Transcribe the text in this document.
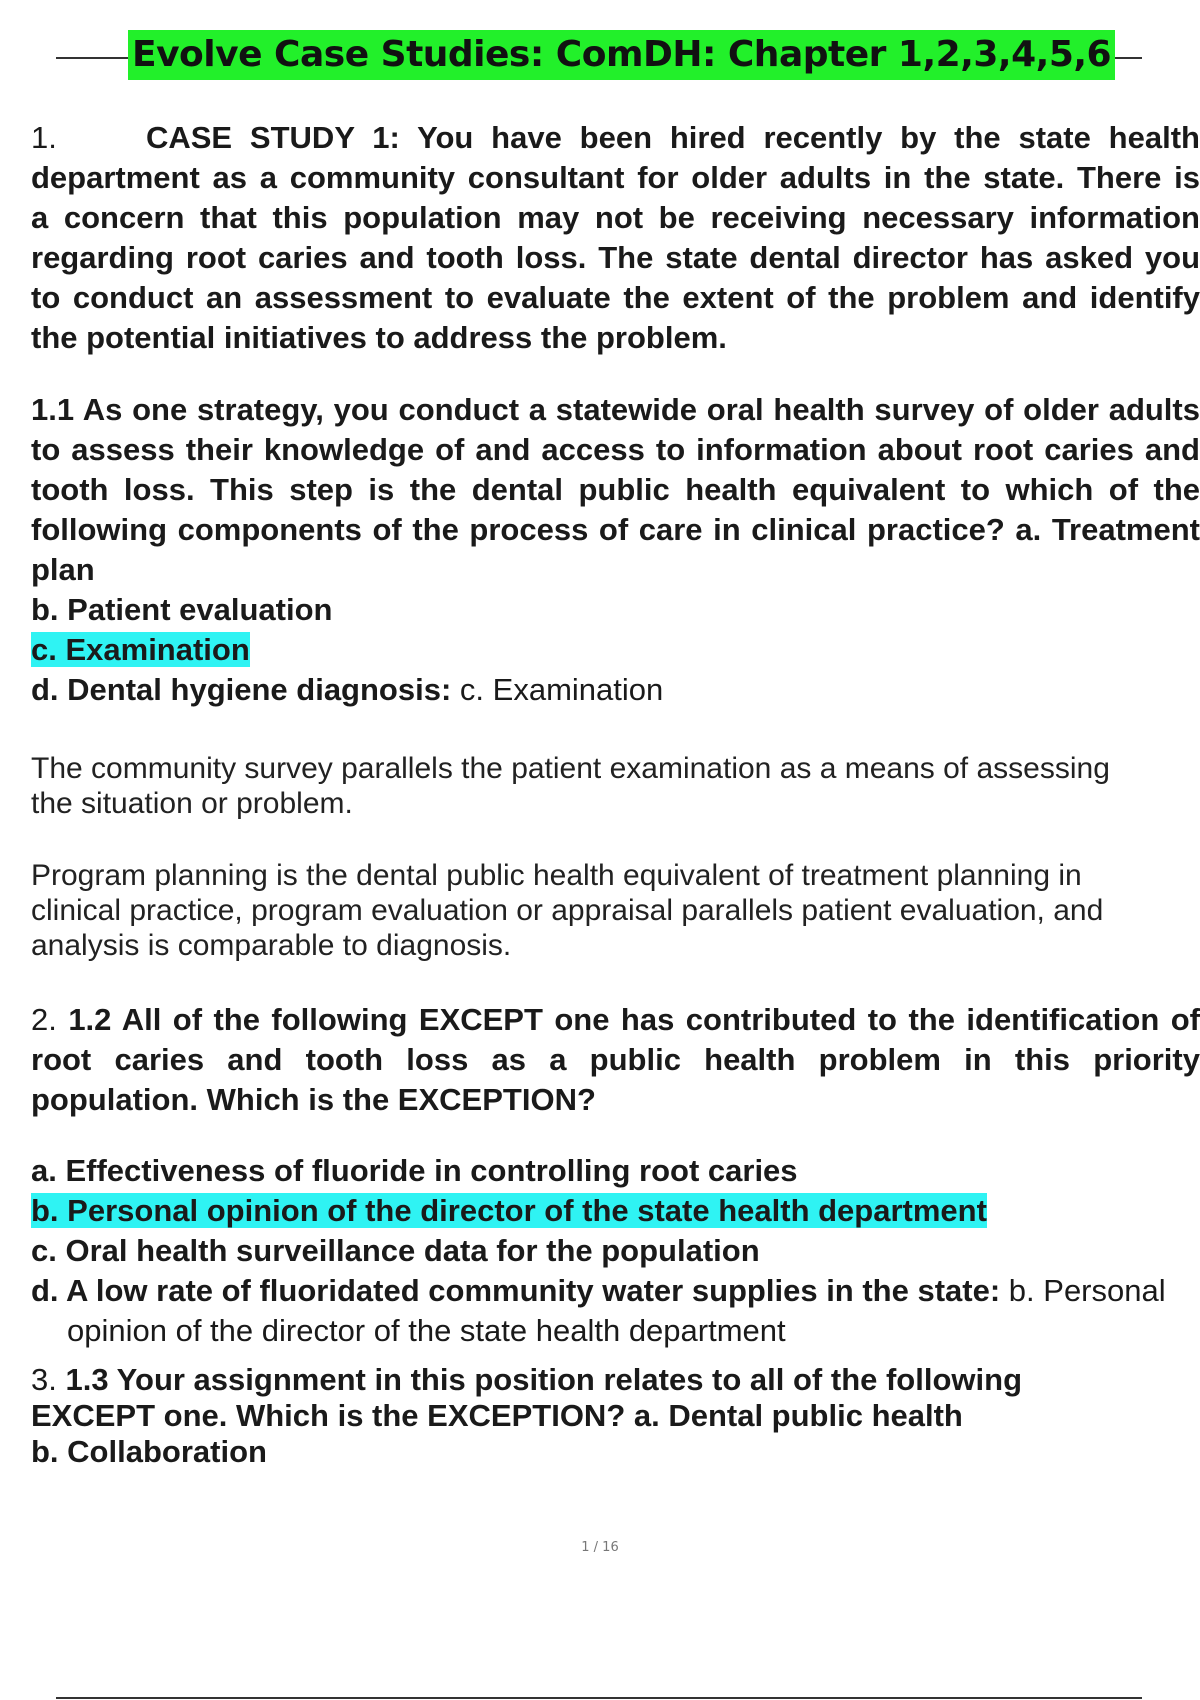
Evolve Case Studies: ComDH: Chapter 1,2,3,4,5,6
1.	CASE STUDY 1: You have been hired recently by the state health
department as a community consultant for older adults in the state. There is
a concern that this population may not be receiving necessary information
regarding root caries and tooth loss. The state dental director has asked you
to conduct an assessment to evaluate the extent of the problem and identify
the potential initiatives to address the problem.
1.1 As one strategy, you conduct a statewide oral health survey of older adults
to assess their knowledge of and access to information about root caries and
tooth loss. This step is the dental public health equivalent to which of the
following components of the process of care in clinical practice? a. Treatment
plan
b. Patient evaluation
c. Examination
d. Dental hygiene diagnosis: c. Examination
The community survey parallels the patient examination as a means of assessing
the situation or problem.
Program planning is the dental public health equivalent of treatment planning in
clinical practice, program evaluation or appraisal parallels patient evaluation, and
analysis is comparable to diagnosis.
2. 1.2 All of the following EXCEPT one has contributed to the identification of
root caries and tooth loss as a public health problem in this priority
population. Which is the EXCEPTION?
a. Effectiveness of fluoride in controlling root caries
b. Personal opinion of the director of the state health department
c. Oral health surveillance data for the population
d. A low rate of fluoridated community water supplies in the state: b. Personal
opinion of the director of the state health department
3. 1.3 Your assignment in this position relates to all of the following
EXCEPT one. Which is the EXCEPTION? a. Dental public health
b. Collaboration
1 / 16
